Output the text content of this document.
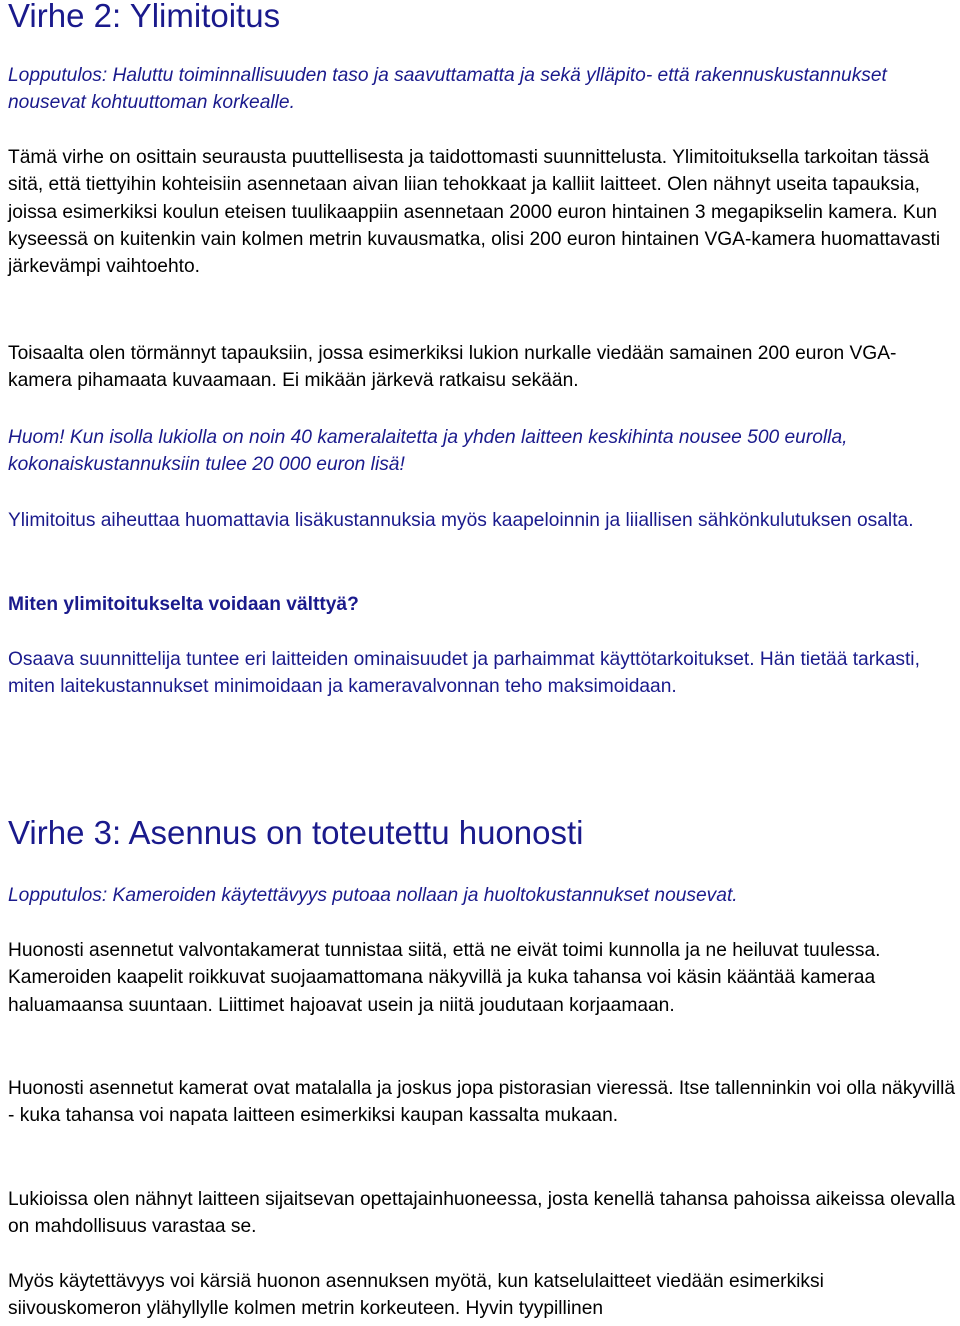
Virhe 2: Ylimitoitus

Lopputulos: Haluttu toiminnallisuuden taso ja saavuttamatta ja sekä ylläpito- että rakennuskustannukset nousevat kohtuuttoman korkealle.

Tämä virhe on osittain seurausta puuttellisesta ja taidottomasti suunnittelusta. Ylimitoituksella tarkoitan tässä sitä, että tiettyihin kohteisiin asennetaan aivan liian tehokkaat ja kalliit laitteet. Olen nähnyt useita tapauksia, joissa esimerkiksi koulun eteisen tuulikaappiin asennetaan 2000 euron hintainen 3 megapikselin kamera. Kun kyseessä on kuitenkin vain kolmen metrin kuvausmatka, olisi 200 euron hintainen VGA-kamera huomattavasti järkevämpi vaihtoehto.

Toisaalta olen törmännyt tapauksiin, jossa esimerkiksi lukion nurkalle viedään samainen 200 euron VGA-kamera pihamaata kuvaamaan. Ei mikään järkevä ratkaisu sekään.

Huom! Kun isolla lukiolla on noin 40 kameralaitetta ja yhden laitteen keskihinta nousee 500 eurolla, kokonaiskustannuksiin tulee 20 000 euron lisä!

Ylimitoitus aiheuttaa huomattavia lisäkustannuksia myös kaapeloinnin ja liiallisen sähkönkulutuksen osalta.

Miten ylimitoitukselta voidaan välttyä?

Osaava suunnittelija tuntee eri laitteiden ominaisuudet ja parhaimmat käyttötarkoitukset. Hän tietää tarkasti, miten laitekustannukset minimoidaan ja kameravalvonnan teho maksimoidaan.

Virhe 3: Asennus on toteutettu huonosti

Lopputulos: Kameroiden käytettävyys putoaa nollaan ja huoltokustannukset nousevat.

Huonosti asennetut valvontakamerat tunnistaa siitä, että ne eivät toimi kunnolla ja ne heiluvat tuulessa. Kameroiden kaapelit roikkuvat suojaamattomana näkyvillä ja kuka tahansa voi käsin kääntää kameraa haluamaansa suuntaan. Liittimet hajoavat usein ja niitä joudutaan korjaamaan.

Huonosti asennetut kamerat ovat matalalla ja joskus jopa pistorasian vieressä. Itse tallenninkin voi olla näkyvillä - kuka tahansa voi napata laitteen esimerkiksi kaupan kassalta mukaan.

Lukioissa olen nähnyt laitteen sijaitsevan opettajainhuoneessa, josta kenellä tahansa pahoissa aikeissa olevalla on mahdollisuus varastaa se.

Myös käytettävyys voi kärsiä huonon asennuksen myötä, kun katselulaitteet viedään esimerkiksi siivouskomeron ylähyllylle kolmen metrin korkeuteen. Hyvin tyypillinen
